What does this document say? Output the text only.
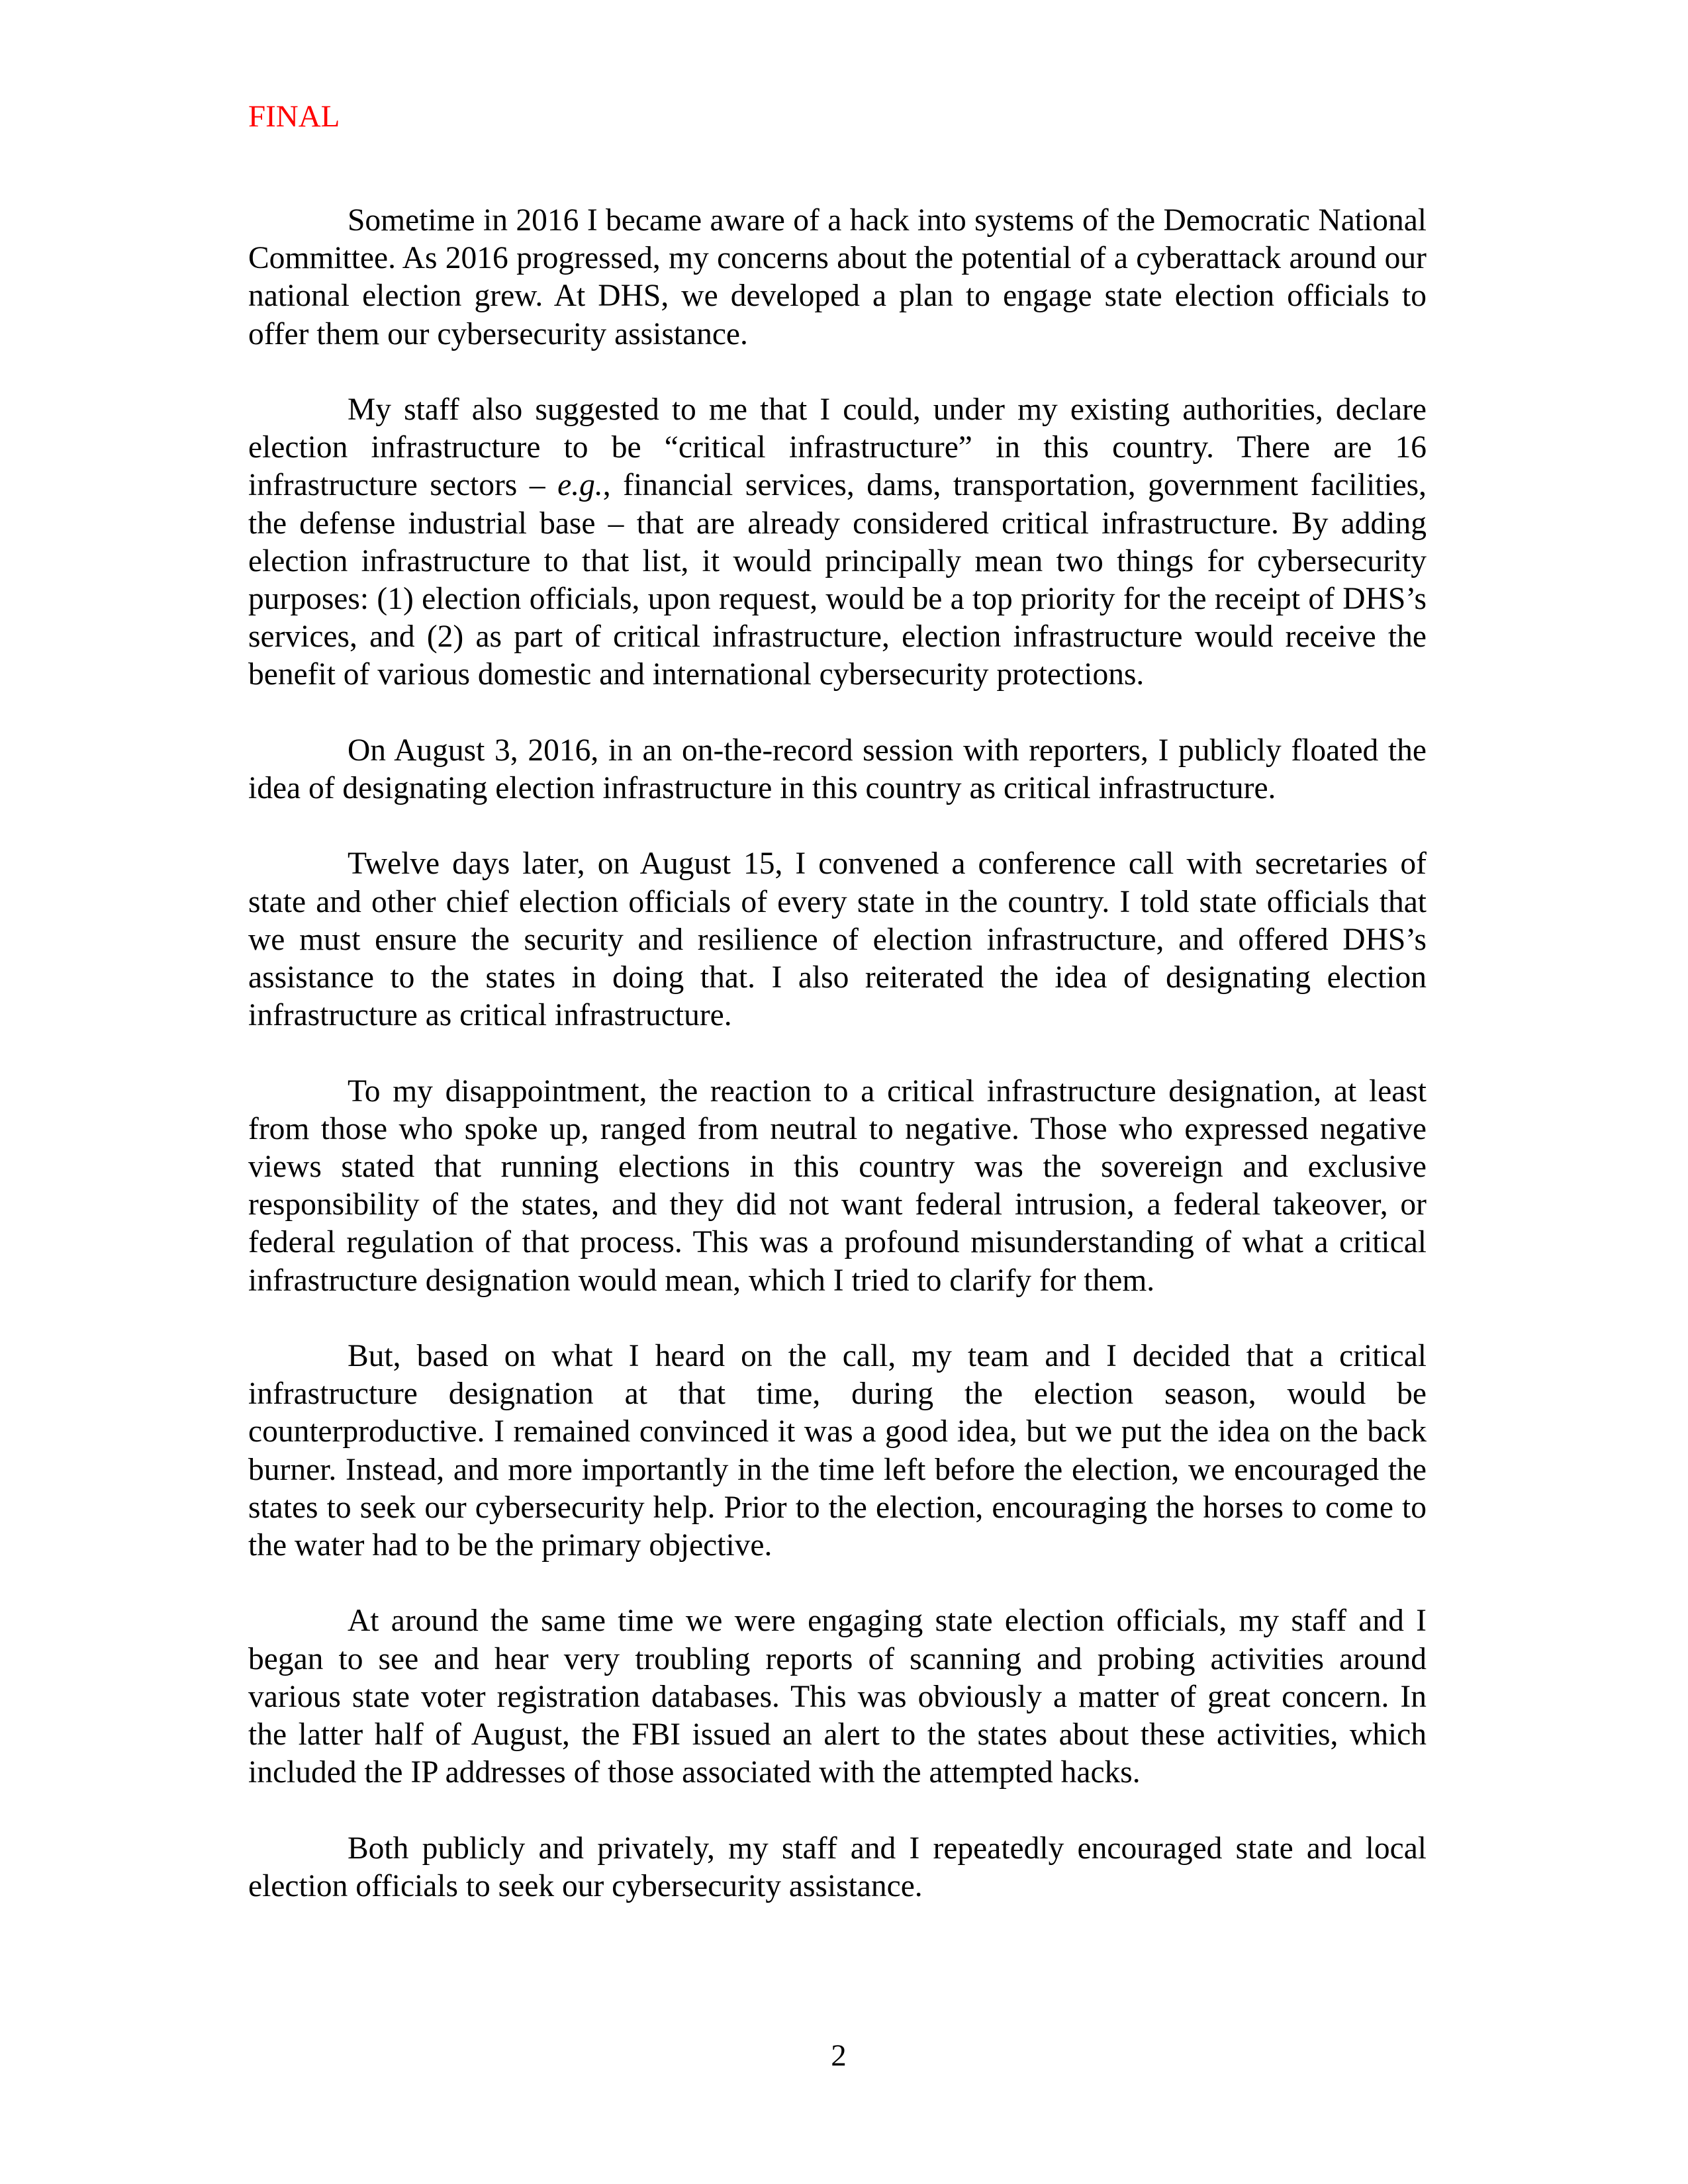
FINAL

Sometime in 2016 I became aware of a hack into systems of the Democratic National Committee. As 2016 progressed, my concerns about the potential of a cyberattack around our national election grew. At DHS, we developed a plan to engage state election officials to offer them our cybersecurity assistance.

My staff also suggested to me that I could, under my existing authorities, declare election infrastructure to be “critical infrastructure” in this country. There are 16 infrastructure sectors – e.g., financial services, dams, transportation, government facilities, the defense industrial base – that are already considered critical infrastructure. By adding election infrastructure to that list, it would principally mean two things for cybersecurity purposes: (1) election officials, upon request, would be a top priority for the receipt of DHS’s services, and (2) as part of critical infrastructure, election infrastructure would receive the benefit of various domestic and international cybersecurity protections.

On August 3, 2016, in an on-the-record session with reporters, I publicly floated the idea of designating election infrastructure in this country as critical infrastructure.

Twelve days later, on August 15, I convened a conference call with secretaries of state and other chief election officials of every state in the country. I told state officials that we must ensure the security and resilience of election infrastructure, and offered DHS’s assistance to the states in doing that. I also reiterated the idea of designating election infrastructure as critical infrastructure.

To my disappointment, the reaction to a critical infrastructure designation, at least from those who spoke up, ranged from neutral to negative. Those who expressed negative views stated that running elections in this country was the sovereign and exclusive responsibility of the states, and they did not want federal intrusion, a federal takeover, or federal regulation of that process. This was a profound misunderstanding of what a critical infrastructure designation would mean, which I tried to clarify for them.

But, based on what I heard on the call, my team and I decided that a critical infrastructure designation at that time, during the election season, would be counterproductive. I remained convinced it was a good idea, but we put the idea on the back burner. Instead, and more importantly in the time left before the election, we encouraged the states to seek our cybersecurity help. Prior to the election, encouraging the horses to come to the water had to be the primary objective.

At around the same time we were engaging state election officials, my staff and I began to see and hear very troubling reports of scanning and probing activities around various state voter registration databases. This was obviously a matter of great concern. In the latter half of August, the FBI issued an alert to the states about these activities, which included the IP addresses of those associated with the attempted hacks.

Both publicly and privately, my staff and I repeatedly encouraged state and local election officials to seek our cybersecurity assistance.

2
